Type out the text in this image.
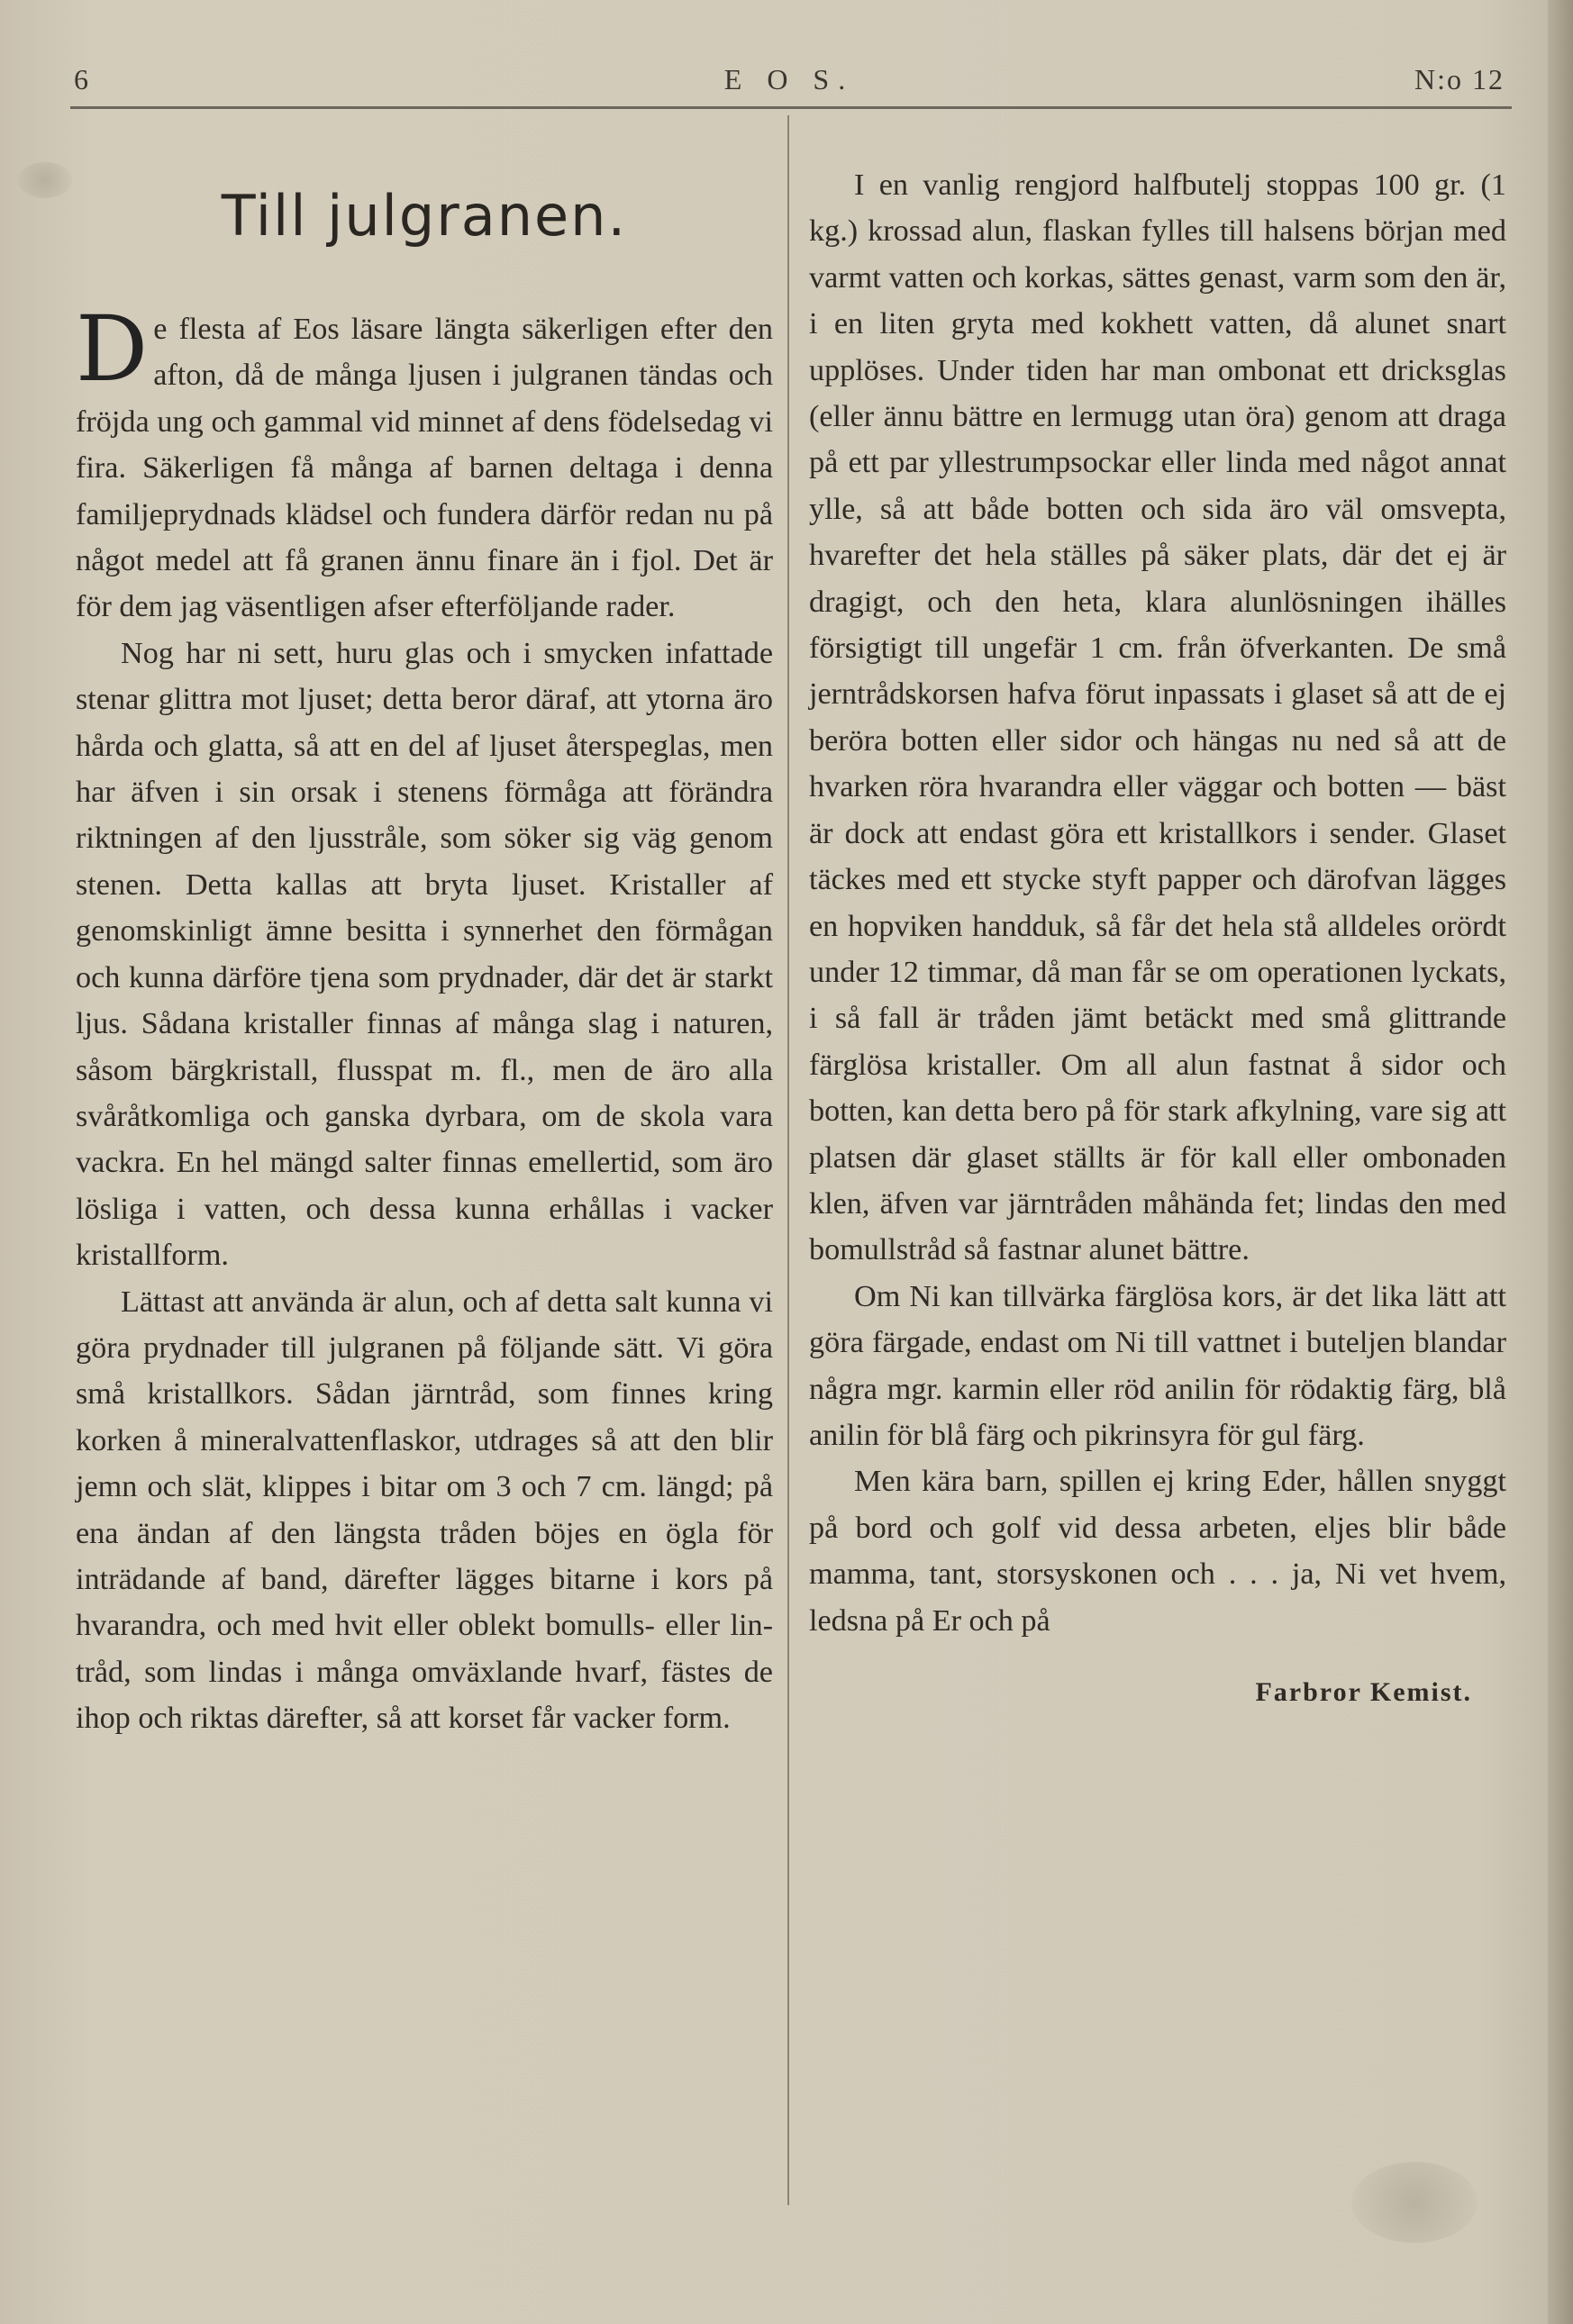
6	E O S.	N:o 12
Till julgranen.

De flesta af Eos läsare längta säkerligen efter den afton, då de många ljusen i julgranen tändas och fröjda ung och gammal vid minnet af dens födelsedag vi fira. Säkerligen få många af barnen deltaga i denna familjeprydnads klädsel och fundera därför redan nu på något medel att få granen ännu finare än i fjol. Det är för dem jag väsentligen afser efterföljande rader.

Nog har ni sett, huru glas och i smycken infattade stenar glittra mot ljuset; detta beror däraf, att ytorna äro hårda och glatta, så att en del af ljuset återspeglas, men har äfven i sin orsak i stenens förmåga att förändra riktningen af den ljusstråle, som söker sig väg genom stenen. Detta kallas att bryta ljuset. Kristaller af genomskinligt ämne besitta i synnerhet den förmågan och kunna därföre tjena som prydnader, där det är starkt ljus. Sådana kristaller finnas af många slag i naturen, såsom bärgkristall, flusspat m. fl., men de äro alla svåråtkomliga och ganska dyrbara, om de skola vara vackra. En hel mängd salter finnas emellertid, som äro lösliga i vatten, och dessa kunna erhållas i vacker kristallform.

Lättast att använda är alun, och af detta salt kunna vi göra prydnader till julgranen på följande sätt. Vi göra små kristallkors. Sådan järntråd, som finnes kring korken å mineralvattenflaskor, utdrages så att den blir jemn och slät, klippes i bitar om 3 och 7 cm. längd; på ena ändan af den längsta tråden böjes en ögla för inträdande af band, därefter lägges bitarne i kors på hvarandra, och med hvit eller oblekt bomulls- eller lintråd, som lindas i många omväxlande hvarf, fästes de ihop och riktas därefter, så att korset får vacker form.

I en vanlig rengjord halfbutelj stoppas 100 gr. (1 kg.) krossad alun, flaskan fylles till halsens början med varmt vatten och korkas, sättes genast, varm som den är, i en liten gryta med kokhett vatten, då alunet snart upplöses. Under tiden har man ombonat ett dricksglas (eller ännu bättre en lermugg utan öra) genom att draga på ett par yllestrumpsockar eller linda med något annat ylle, så att både botten och sida äro väl omsvepta, hvarefter det hela ställes på säker plats, där det ej är dragigt, och den heta, klara alunlösningen ihälles försigtigt till ungefär 1 cm. från öfverkanten. De små jerntrådskorsen hafva förut inpassats i glaset så att de ej beröra botten eller sidor och hängas nu ned så att de hvarken röra hvarandra eller väggar och botten — bäst är dock att endast göra ett kristallkors i sender. Glaset täckes med ett stycke styft papper och därofvan lägges en hopviken handduk, så får det hela stå alldeles orördt under 12 timmar, då man får se om operationen lyckats, i så fall är tråden jämt betäckt med små glittrande färglösa kristaller. Om all alun fastnat å sidor och botten, kan detta bero på för stark afkylning, vare sig att platsen där glaset ställts är för kall eller ombonaden klen, äfven var järntråden måhända fet; lindas den med bomullstråd så fastnar alunet bättre.

Om Ni kan tillvärka färglösa kors, är det lika lätt att göra färgade, endast om Ni till vattnet i buteljen blandar några mgr. karmin eller röd anilin för rödaktig färg, blå anilin för blå färg och pikrinsyra för gul färg.

Men kära barn, spillen ej kring Eder, hållen snyggt på bord och golf vid dessa arbeten, eljes blir både mamma, tant, storsyskonen och . . . ja, Ni vet hvem, ledsna på Er och på

Farbror Kemist.
